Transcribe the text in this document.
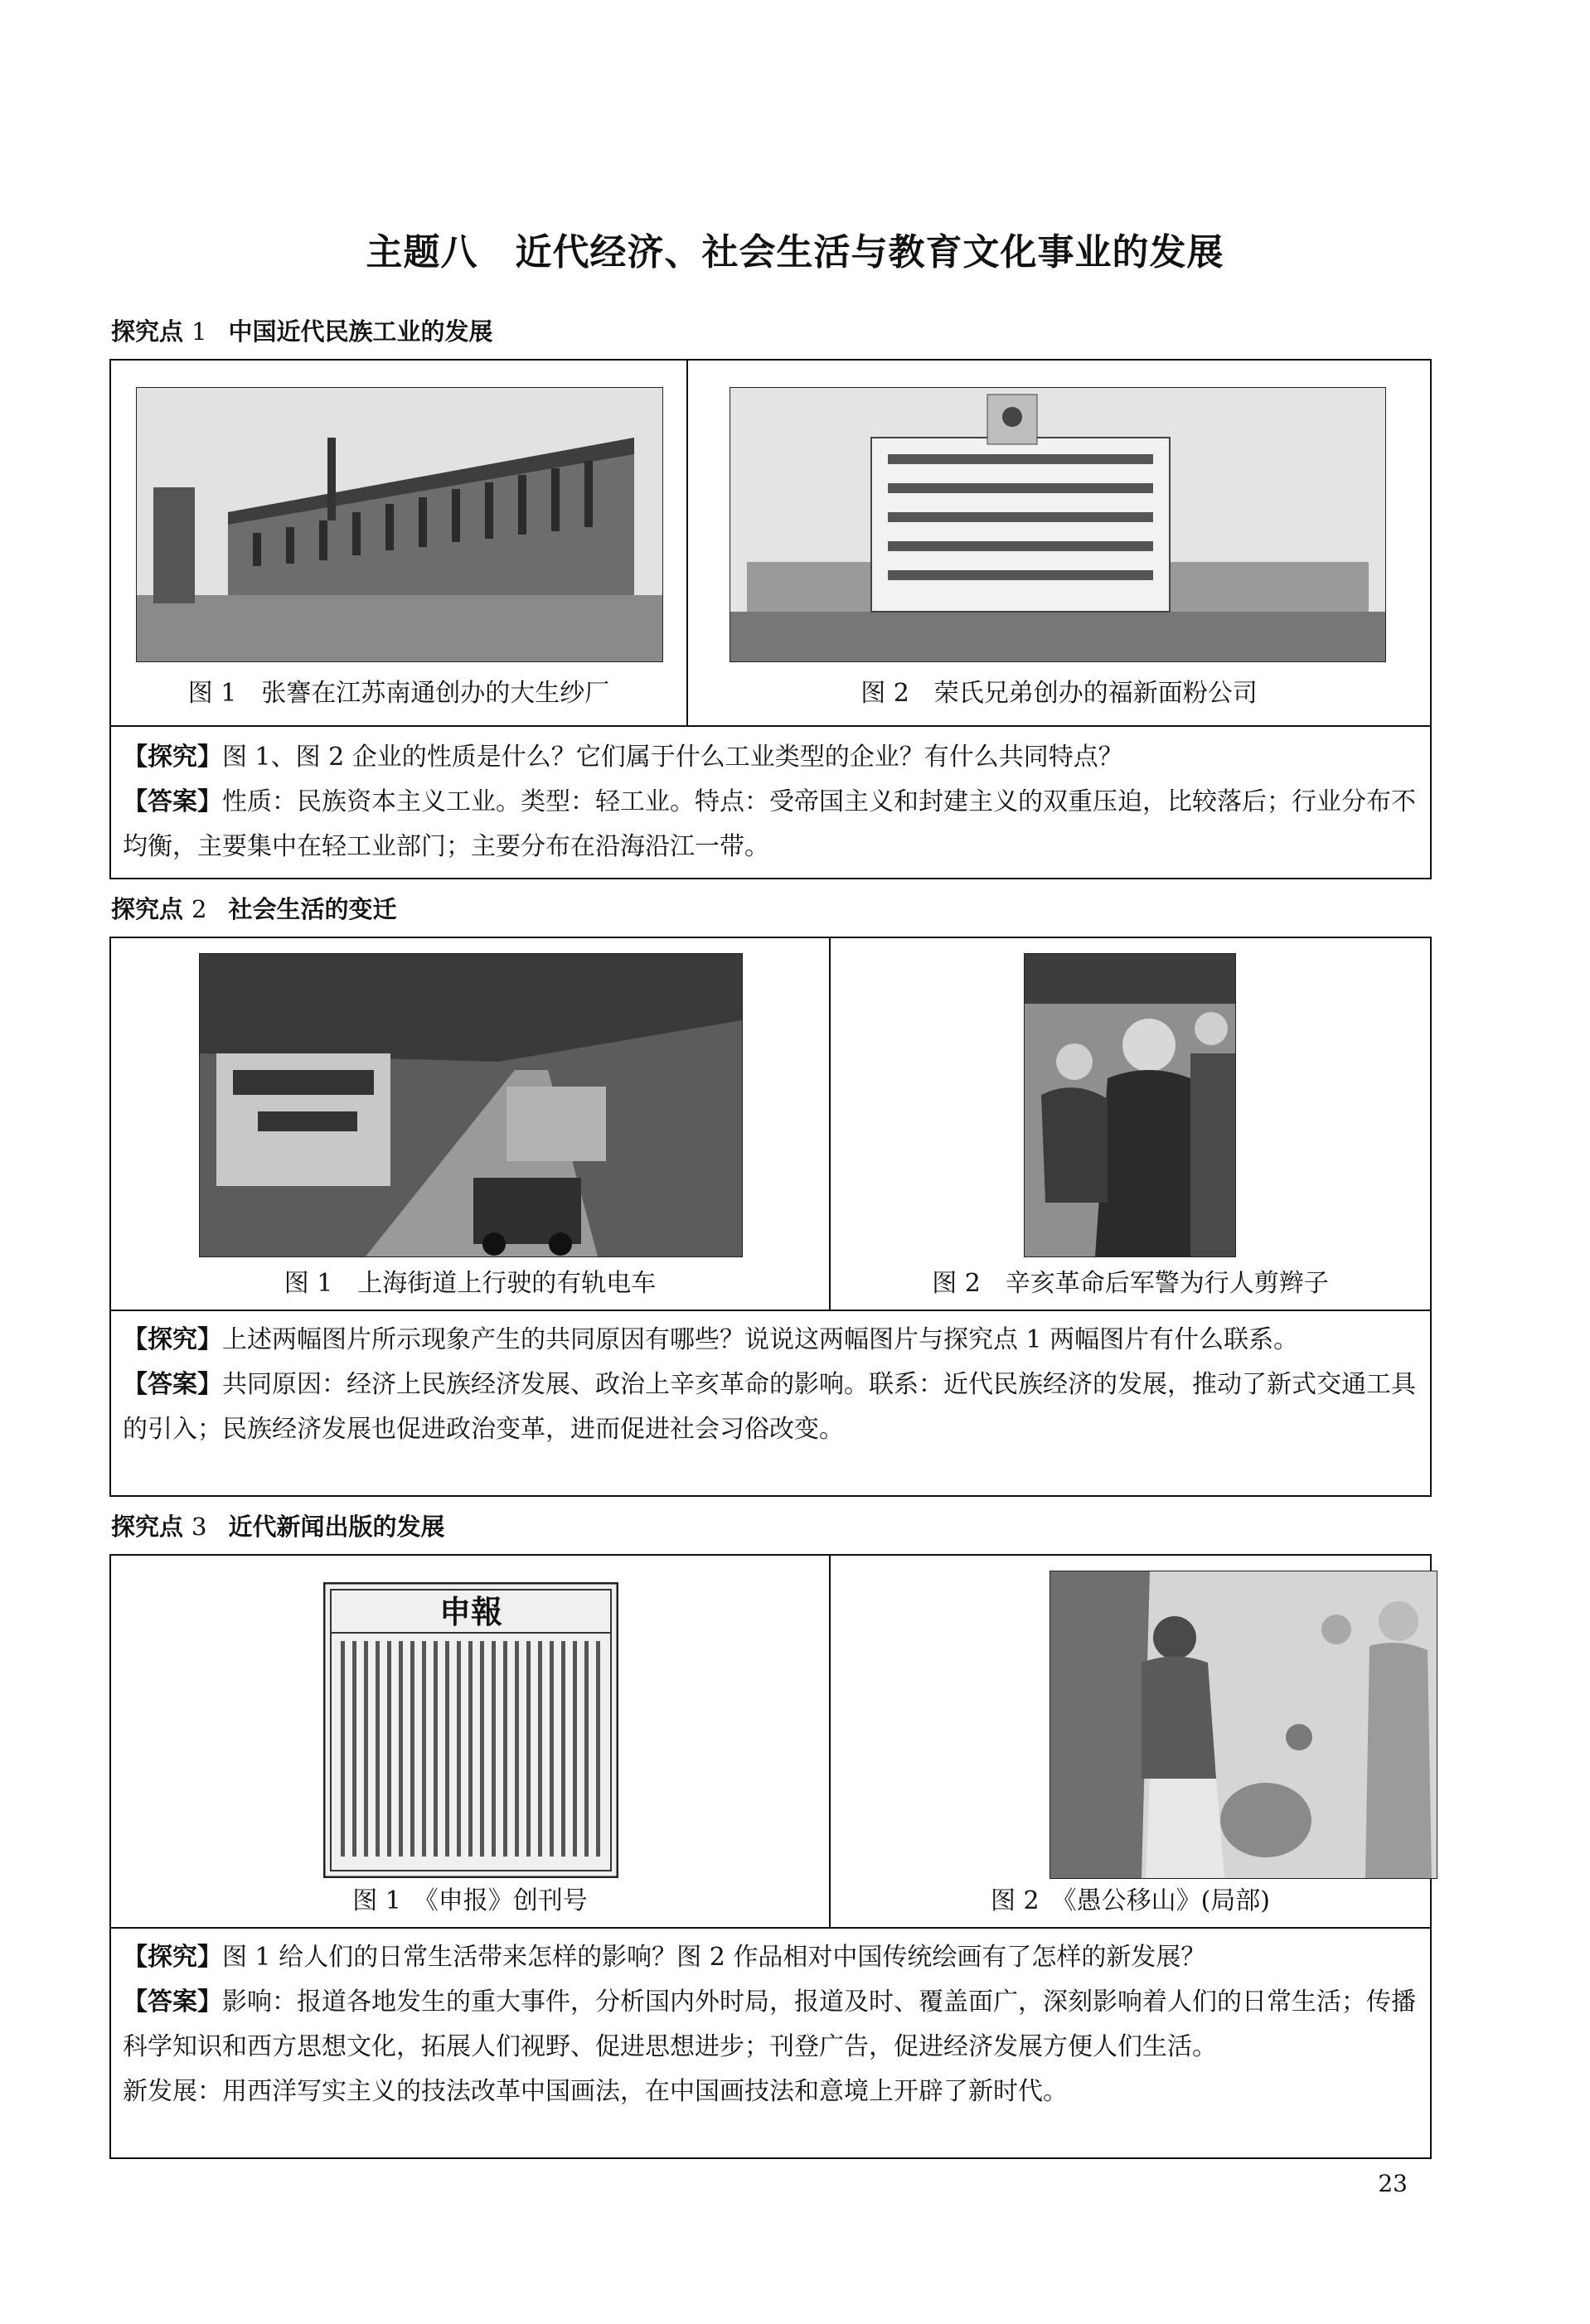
主题八　近代经济、社会生活与教育文化事业的发展
探究点 1 中国近代民族工业的发展
图 1　张謇在江苏南通创办的大生纱厂	图 2　荣氏兄弟创办的福新面粉公司

【探究】图 1、图 2 企业的性质是什么？它们属于什么工业类型的企业？有什么共同特点？

【答案】性质：民族资本主义工业。类型：轻工业。特点：受帝国主义和封建主义的双重压迫，比较落后；行业分布不均衡，主要集中在轻工业部门；主要分布在沿海沿江一带。

探究点 2 社会生活的变迁
图 1　上海街道上行驶的有轨电车	图 2　辛亥革命后军警为行人剪辫子

【探究】上述两幅图片所示现象产生的共同原因有哪些？说说这两幅图片与探究点 1 两幅图片有什么联系。

【答案】共同原因：经济上民族经济发展、政治上辛亥革命的影响。联系：近代民族经济的发展，推动了新式交通工具的引入；民族经济发展也促进政治变革，进而促进社会习俗改变。

探究点 3 近代新闻出版的发展
申報
图 1　《申报》创刊号	图 2　《愚公移山》(局部)

【探究】图 1 给人们的日常生活带来怎样的影响？图 2 作品相对中国传统绘画有了怎样的新发展？

【答案】影响：报道各地发生的重大事件，分析国内外时局，报道及时、覆盖面广，深刻影响着人们的日常生活；传播科学知识和西方思想文化，拓展人们视野、促进思想进步；刊登广告，促进经济发展方便人们生活。

新发展：用西洋写实主义的技法改革中国画法，在中国画技法和意境上开辟了新时代。

23
